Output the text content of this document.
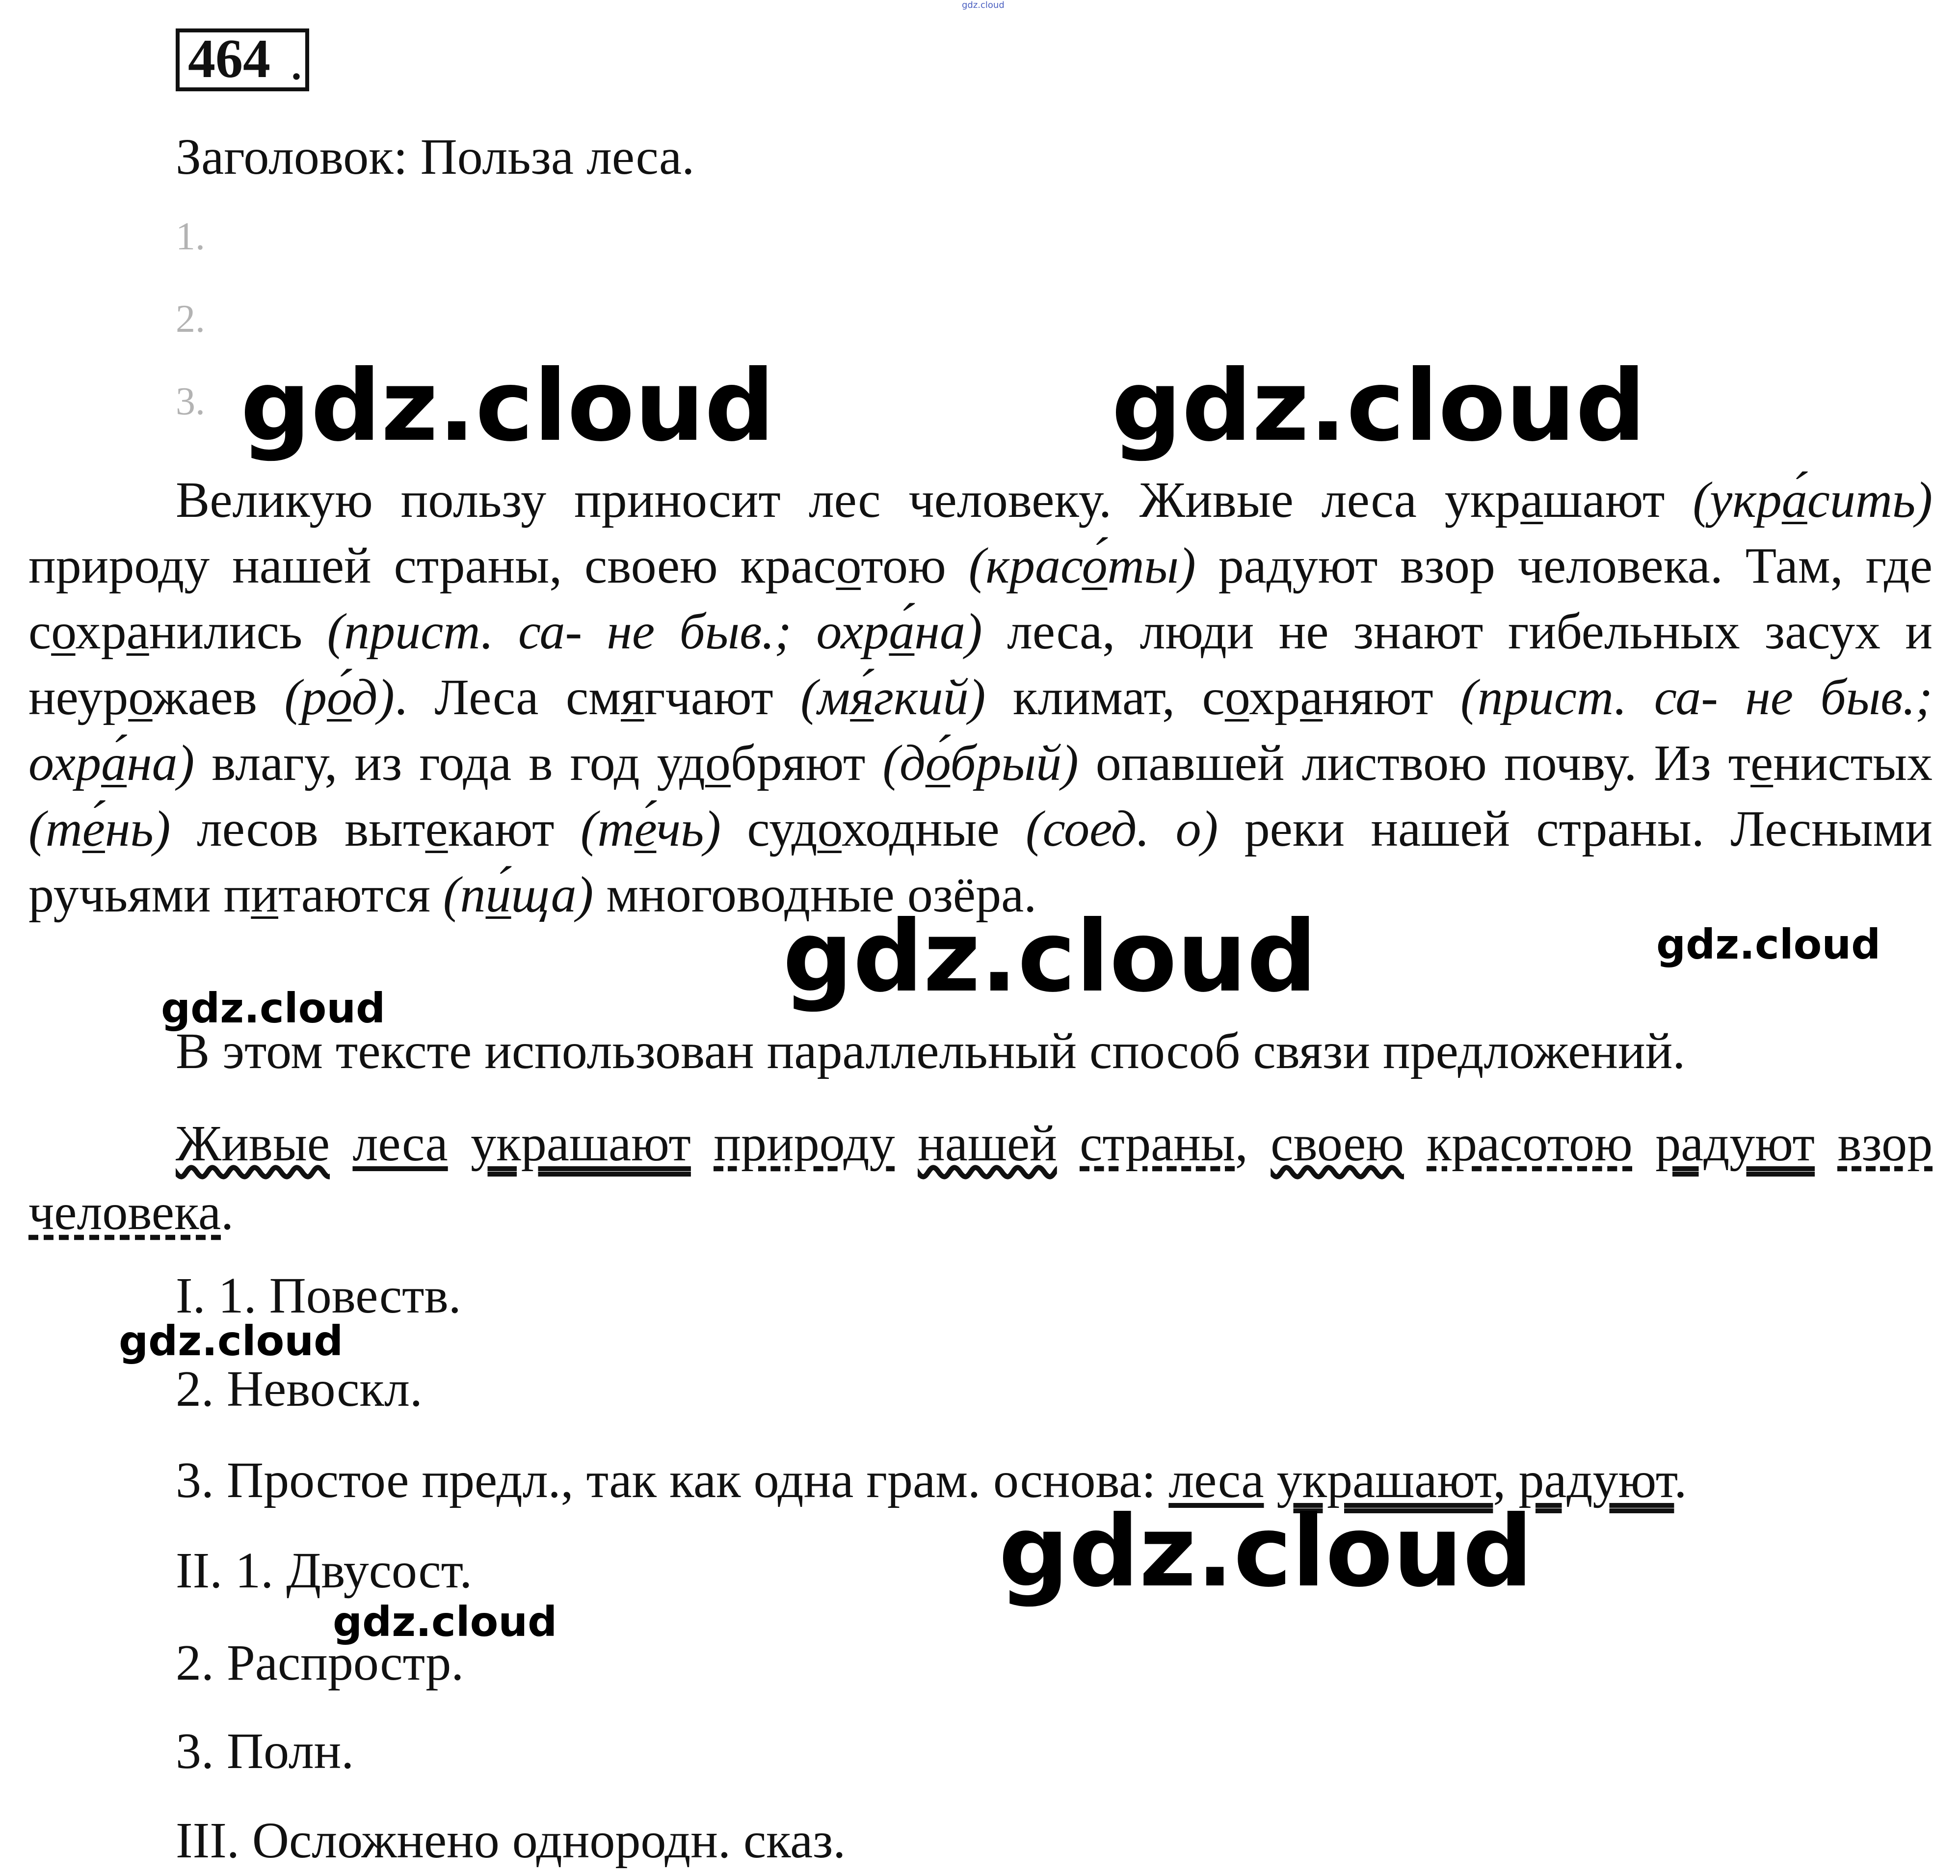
gdz.cloud
464 .
Заголовок: Польза леса.
1.
2.
3. gdz.cloud	gdz.cloud
Великую пользу приносит лес человеку. Живые леса украшают (укра́сить) природу нашей страны, своею красотою (красо́ты) радуют взор человека. Там, где сохранились (прист. са- не быв.; охра́на) леса, люди не знают гибельных засух и неурожаев (ро́д). Леса смягчают (мя́гкий) климат, сохраняют (прист. са- не быв.; охра́на) влагу, из года в год удобряют (до́брый) опавшей листвою почву. Из тенистых (те́нь) лесов вытекают (те́чь) судоходные (соед. о) реки нашей страны. Лесными ручьями питаются (пи́ща) многоводные озёра.
gdz.cloud	gdz.cloud
gdz.cloud
В этом тексте использован параллельный способ связи предложений.
Живые леса украшают природу нашей страны, своею красотою радуют взор человека.
I. 1. Повеств.
gdz.cloud
2. Невоскл.
3. Простое предл., так как одна грам. основа: леса украшают, радуют.
gdz.cloud
II. 1. Двусост.
gdz.cloud
2. Распростр.
3. Полн.
III. Осложнено однородн. сказ.
